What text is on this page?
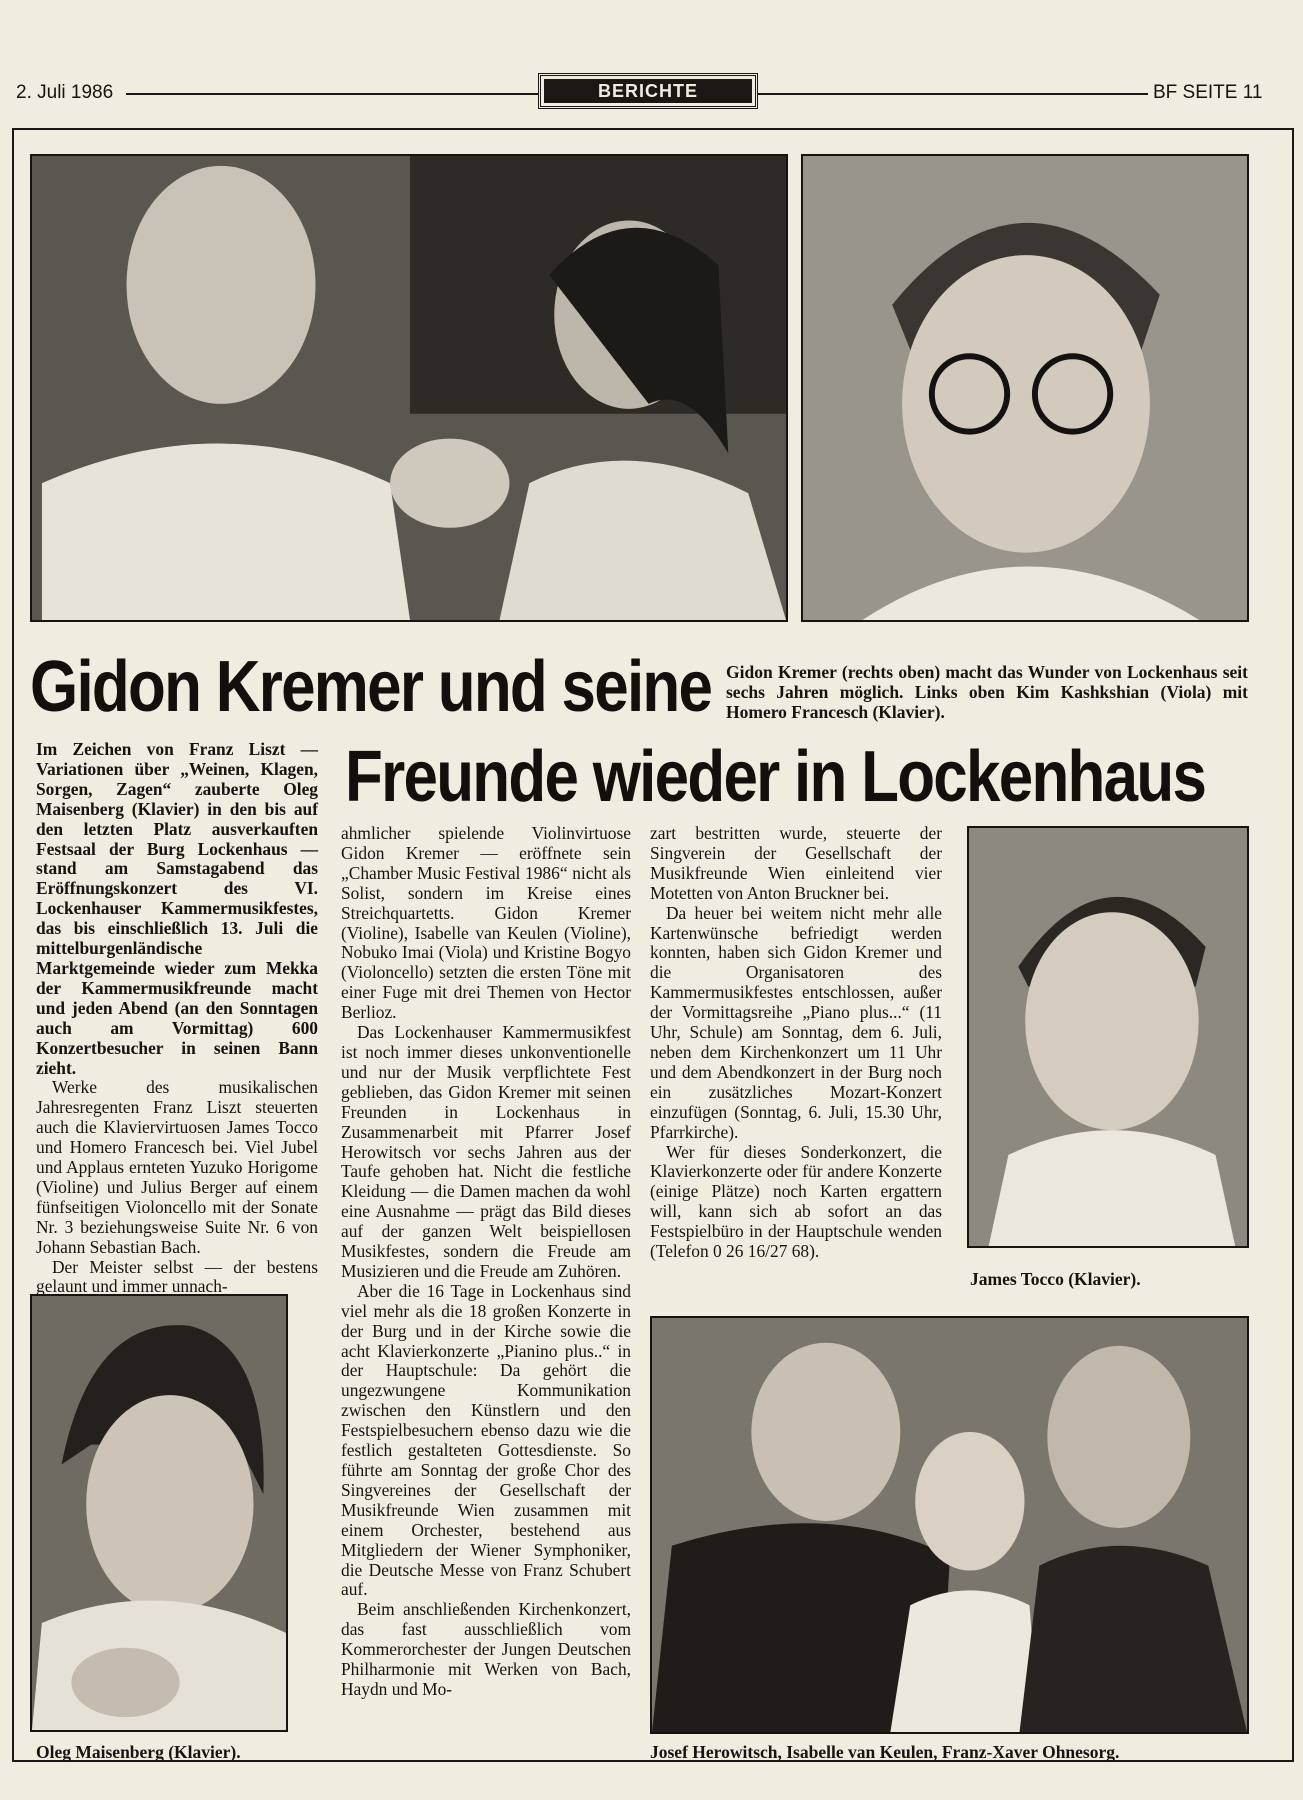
2. Juli 1986	BERICHTE	BF SEITE 11
Gidon Kremer und seine
Freunde wieder in Lockenhaus
Gidon Kremer (rechts oben) macht das Wunder von Lockenhaus seit sechs Jahren möglich. Links oben Kim Kashkshian (Viola) mit Homero Francesch (Klavier).

Im Zeichen von Franz Liszt — Variationen über „Weinen, Klagen, Sorgen, Zagen“ zauberte Oleg Maisenberg (Klavier) in den bis auf den letzten Platz ausverkauften Festsaal der Burg Lockenhaus — stand am Samstagabend das Eröffnungskonzert des VI. Lockenhauser Kammermusikfestes, das bis einschließlich 13. Juli die mittelburgenländische Marktgemeinde wieder zum Mekka der Kammermusikfreunde macht und jeden Abend (an den Sonntagen auch am Vormittag) 600 Konzertbesucher in seinen Bann zieht.

Werke des musikalischen Jahresregenten Franz Liszt steuerten auch die Klaviervirtuosen James Tocco und Homero Francesch bei. Viel Jubel und Applaus ernteten Yuzuko Horigome (Violine) und Julius Berger auf einem fünfseitigen Violoncello mit der Sonate Nr. 3 beziehungsweise Suite Nr. 6 von Johann Sebastian Bach.

Der Meister selbst — der bestens gelaunt und immer unnach-

ahmlicher spielende Violinvirtuose Gidon Kremer — eröffnete sein „Chamber Music Festival 1986“ nicht als Solist, sondern im Kreise eines Streichquartetts. Gidon Kremer (Violine), Isabelle van Keulen (Violine), Nobuko Imai (Viola) und Kristine Bogyo (Violoncello) setzten die ersten Töne mit einer Fuge mit drei Themen von Hector Berlioz.

Das Lockenhauser Kammermusikfest ist noch immer dieses unkonventionelle und nur der Musik verpflichtete Fest geblieben, das Gidon Kremer mit seinen Freunden in Lockenhaus in Zusammenarbeit mit Pfarrer Josef Herowitsch vor sechs Jahren aus der Taufe gehoben hat. Nicht die festliche Kleidung — die Damen machen da wohl eine Ausnahme — prägt das Bild dieses auf der ganzen Welt beispiellosen Musikfestes, sondern die Freude am Musizieren und die Freude am Zuhören.

Aber die 16 Tage in Lockenhaus sind viel mehr als die 18 großen Konzerte in der Burg und in der Kirche sowie die acht Klavierkonzerte „Pianino plus..“ in der Hauptschule: Da gehört die ungezwungene Kommunikation zwischen den Künstlern und den Festspielbesuchern ebenso dazu wie die festlich gestalteten Gottesdienste. So führte am Sonntag der große Chor des Singvereines der Gesellschaft der Musikfreunde Wien zusammen mit einem Orchester, bestehend aus Mitgliedern der Wiener Symphoniker, die Deutsche Messe von Franz Schubert auf.

Beim anschließenden Kirchenkonzert, das fast ausschließlich vom Kommerorchester der Jungen Deutschen Philharmonie mit Werken von Bach, Haydn und Mo-

zart bestritten wurde, steuerte der Singverein der Gesellschaft der Musikfreunde Wien einleitend vier Motetten von Anton Bruckner bei.

Da heuer bei weitem nicht mehr alle Kartenwünsche befriedigt werden konnten, haben sich Gidon Kremer und die Organisatoren des Kammermusikfestes entschlossen, außer der Vormittagsreihe „Piano plus...“ (11 Uhr, Schule) am Sonntag, dem 6. Juli, neben dem Kirchenkonzert um 11 Uhr und dem Abendkonzert in der Burg noch ein zusätzliches Mozart-Konzert einzufügen (Sonntag, 6. Juli, 15.30 Uhr, Pfarrkirche).

Wer für dieses Sonderkonzert, die Klavierkonzerte oder für andere Konzerte (einige Plätze) noch Karten ergattern will, kann sich ab sofort an das Festspielbüro in der Hauptschule wenden (Telefon 0 26 16/27 68).

James Tocco (Klavier).
Oleg Maisenberg (Klavier).	Josef Herowitsch, Isabelle van Keulen, Franz-Xaver Ohnesorg.
